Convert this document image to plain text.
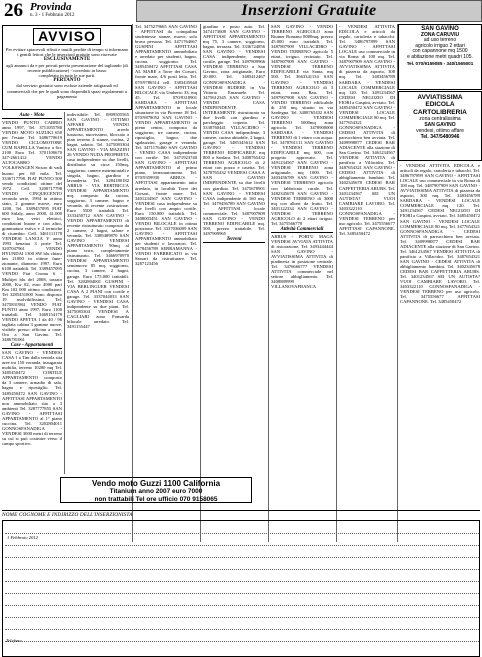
26 Provinda
n. 3 - 1 Febbraio 2012	Inserzioni Gratuite
AVVISO

Per evitare spiacevoli rifiuti e inutili perdite di tempo si informano i gentili lettori che le inserzioni gratuite sono riservate

ESCLUSIVAMENTE

agli annunci da e per privati previa presentazione del tagliando (di recente pubblicazione) - corredato in basso

completato in tutte le sue parti.

PERTANTO

dal servizio gratuito sono escluse aziende artigianali ed commerciali che per le quali sono disponibili spazi regolamenti a pagamento

Auto - Moto

VENDO PUNTO CABRIO anno 1997, Tel. 3711055780 VENDO MOTO SUZUKI 650 per l'estate Tel. 3486770619 VENDO CICLOMOTORE CUM RAPELLA Vantico a 6cc 2100 Euro Tel. 3701100670 347-2661412 VENDO ALTOCARRO VOLKSWAGEN Sicuro di vadi buono per 60 mila. Tel. 3336717798. FIAT PUNTO 500 vendo condizioni ottime del 1972. Cell. 3200717798 VENDO CINQUECENTO seconda serie, 1994 in ottimo stato, 2 gomme nuove, euro 1200, Tel. 3389457095 FIAT 600 Sitlaly, anno 2000, 41.000 euro km, vetri elettrici, condizioni buone e con altro, gommatura estiva e 4 termiche di ricambio. Cell. 3461111178 VENDESI LANCIA Y anno 1993 benzina 3 porte Tel. 3207047961 VENDO HYUNDAI 1300 SW blu chiara km 21000 in ottime fune-zionante, diametro 1997, Euro 6100 trattabili. Tel. 3389457095 VENDO Fiat Croma 6 - Multijet blu del 2008, tassato 2000, Kw 82, euro 4900 pari Km 102 000 ottimo condizioni. Tel 3285451000 Sono disposto 19 nsolvibilissimi. Tel. 3475831984 VENDO FIAT PUNTO anno 1997, Euro 1100 trattabili. Tel. 3469154179 VENDO APETTA 1 da 40 / 96 tagliata cabina 3 gomme nuove, visibile presso officina a cane. Ora a San Gavino. Tel. 3486781061

Case - Appartamenti

SAN GAVINO - VENDESI CASA 1 a Tim dalla ventola sita aree tra 150 veranda, inaugarata mobilia, terreno 10200 mq Tel. 3485450472 CORTILE APPARTAMENTO composto da 3 camere, armadio di sala, bagno e ripostiglio. Tel. 3485450472 SAN GAVINO - AFFITTASI APPARTAMENTO non ammobiliato sito a 3 ambienti Tel. 3287777855 SAN GAVINO - AFFITTASI APPARTAMENTO al 1° piano cuccina. Tel. 3202804011 GONNOSFANADIGA - VENDESI 3000 metri di terreno su cui si può costruire verso il campo sportivo.

indivisibile. Tel. 0809505565 SAN GAVINO - OTTIMO AFFARE VENDO APPARTAMENTO arredo lussuoso, nuovissimo, bloccato a pian terreno 4 stanze, cucina, 2 bagni, salotto. Tel. 3475083304 SAN GAVINO - VIA MAZZINI 26 VENDO NUDA PROPRIETA casa indipendente su due livelli, distribuita su circa 150mq, soggiorno, camere matrimoniali e singola, bagno, giardino e lavanderia. Tel. 3284180182 ARBUS - VIA BERTRICCA VENDESI APPARTAMENTO mq, composto da cucina, soggiorno, 3 camere, bagno e veranda, di recente costruzione. Euro 5500 trattabili. Tel. 3333450712 SAN GAVINO - VENDO APPARTAMENTO di recente ristrutturato composto da 2 camere, 2 bagni, salone e veranda. Tel. 3389489870 SAN GAVINO - VENDESI APPARTAMENTO 90mq al piano terra, completamente ristrutturato. Tel. 3466970970 VENDESI APPARTAMENTO seminuovo 85 mq, soggiorno, cucina, 3 camere, 2 bagni, garage. Euro 175.000 trattabili. Tel. 3202804001 GUSPINI - VIA BERLINGUER VENDESI CASA A 2 PIANI con cortile e garage. Tel. 3337044033 SAN GAVINO - VENDESI CASA indipendente su due piani. Tel. 3475083304 VENDESI A CAGLIARI zona Fonsarda bilocale arredato. Tel. 3491155447

Tel. 3475279665 SAN GAVINO - AFFITTASI da coinquilina studentesse stanze, nuove, solo brava persona. Tel. 3471764667 GUSPINI AFFITTASI APPARTAMENTO ammobiliato e arredato per studenti, bagno, cucina, soggiorno. Tel. 3485450472 AFFITTASI CASA AL MARE a Torre dei Corsari, fronte mare, 4/6 posti letto. Tel. 070/9786514 cell. 3383435940 SAN GAVINO - AFFITTASI BILOCALE via Umberto 33, mq 45. Tel. 070/9318901 SARDARA - AFFITTASI APPARTAMENTO in locale situazione in via Piovene 18 Tel. 070/9878052 SAN GAVINO - VENDO APPARTAMENTO in pieno centro, composto da soggiorno, tre camere, cucina, ripostiglio, bagno, due sgabuzzini, garage e veranda. Tel. 3471176460 SAN GAVINO - VENDO CASA indipendente con cortile. Tel. 3471923740 SAN GAVINO - AFFITTASI APPARTAMENTO al primo piano, termoautonomo. Tel. 070/9359930 ARBUS - AFFITTASI appartamento tutto arredato, in località Torre dei Corsari, fronte mare. Tel. 3401234567 SAN GAVINO - VENDESI casa indipendente su due livelli con ampio cortile. Euro 150.000 trattabili. Tel. 3408003451 SAN GAVINO - VENDO BILOCALE in ottima posizione. Tel. 3337036009 SAN GAVINO - AFFITTASI APPARTAMENTO ammobiliato per studenti o lavoratori. Tel. 3478456789 SERRAMANNA - VENDO FABBRICATO in via Sassari da ristrutturare. Tel. 3287123456

giardino e posto auto. Tel. 3474173608 SAN GAVINO - AFFITTASI APPARTAMENTO mq 75, 3 camere, soggiorno, bagno, terrazza. Tel. 3336724856 SAN GAVINO - VENDESI CASA indipendente, ampio cortile, garage. Tel. 3497809966 VENDESI TERRENO a San Gavino, zona artigianale, Euro 20.000. Tel. 3485412467 GONNOSFANADIGA - VENDESI RUDERE in Via Vittorio Emanuele. Tel. 3475612345 SAN GAVINO - VENDO CASA INDIPENDENTE INTERAMENTE ristrutturata su due livelli con giardino e parcheggio coperto. Tel. 3338760441 VILLACIDRO - VENDO CASA indipendente, 3 camere, cucina abitabile, 2 bagni, garage. Tel. 3485345612 SAN GAVINO - VENDESI TERRENO EDIFICABILE mq 800 a Sardara. Tel. 3408765432 TERRENO AGRICOLO di 2 ettari con pozzo e casetta. Tel. 3478765432 VENDESI CASA A SAN GAVINO INDIPENDENTE su due livelli con giardino. Tel. 3475678901 SAN GAVINO - VENDESI CASA indipendente di 160 mq. Tel. 3479456789 SAN GAVINO - AFFITTASI locale commerciale. Tel. 3487907809 SAN GAVINO - VENDO TERRENO EDIFICABILE mq. 500, prezzo trattabile. Tel. 3497909965

Terreni

SAN GAVINO - VENDO TERRENO AGRICOLO zona Riuiner Romano 8000mq, prezzo 45.000 euro trattabili. Tel. 3487807909 VILLACIDRO - VENDO TERRENO agricolo 5 ettari, irriguo, recintato. Tel. 3487807909 SAN GAVINO - VENDESI TERRENO EDIFICABILE via Santa, mq 500. Tel. 3663341134 SAN GAVINO - VENDESI TERRENO AGRICOLO di 3 ettari, zona Bau. Tel. 3497907908 SAN GAVINO - VENDO TERRENO edificabile di 250 mq, situato in via Sardegna. Tel. 3408765432 SAN GAVINO - VENDESI TERRENO 5000mq zona agricola. Tel. 3478900000 SARDARA - VENDESI TERRENO di 1 ettaro con acqua. Tel. 3478761111 SAN GAVINO - VENDESI TERRENO EDIFICABILE mq 600, con progetto approvato. Tel. 3491234567 SAN GAVINO - VENDESI TERRENO zona artigianale, mq 1000. Tel. 3403456789 SAN GAVINO - VENDESI TERRENO agricolo con fabbricato rurale. Tel. 3482345678 SAN GAVINO - VENDESI TERRENO di 3000 mq con alberi da frutto. Tel. 3401122334 SAN GAVINO - VENDESI TERRENO AGRICOLO di 2 ettari irriguo. Tel. 3475566778

Attività Commerciali

ARBUS - PORTU MAGA VENDESI AVVIATA ATTIVITA di ristorazione, Tel. 3493444444 SAN GAVINO - AVVIATISSIMA ATTIVITA di piadineria in posizione centrale. Tel. 3476666777 VENDESI ATTIVITA commerciale nel settore abbigliamento. Tel. 3408889999 VILLANOVAFRANCA

- VENDESI ATTIVITA EDICOLA e articoli da regalo, cartoleria e tabacchi. Tel. 3486797899 SAN GAVINO - AFFITTASI LOCALE uso commerciale in via Roma di 100 mq. Tel. 3487907909 SAN GAVINO - AVVIATISSIMA ATTIVITA di pizzeria da asporto, 300 mq. Tel. 3483456789 SARDARA - VENDESI LOCALE COMMERCIALE mq 120. Tel. 3491234567 CEDESI NEGOZIO DI FIORI a Guspini, avviato. Tel. 3485450472 SAN GAVINO - VENDESI LOCALE COMMERCIALE 80 mq. Tel. 3477654321 GONNOSFANADIGA - CEDESI ATTIVITA di parrucchiera ben avviata. Tel. 3409998877 CEDESI BAR ADIACENTE alla stazione di San Gavino. Tel. 3461234567 VENDESI ATTIVITA di panificio a Villacidro. Tel. 3487654321 SAN GAVINO - CEDESI ATTIVITA di abbigliamento bambini. Tel. 3402345678 CEDESI BAR CAFFETTERIA ARUBS. Tel. 3401234567 SEI UN AUTISTA? VUOI CAMBIARE LAVORO. Tel. 3403322110 GONNOSFANADIGA - VENDESI TERRENO per uso agricolo. Tel. 3475556677 AFFITTASI CAPANNONE. Tel. 3485450472

SAN GAVINO
ZONA CARUVIU
ad uso terreno
agricolo irriguo 2 ettari
con capannone mq 1500
e abitazione metri quadri 105.
Tel. 070/9159085 - 340/1565001
AVVIATISSIMA
EDICOLA
CARTOLIBRERIA
zona centralissima
SAN GAVINO
vendesi, ottimo affare
Tel. 347/5480946

- VENDESI ATTIVITA EDICOLA e articoli da regalo, cartoleria e tabacchi. Tel. 3486797899 SAN GAVINO - AFFITTASI LOCALE uso commerciale in via Roma di 100 mq. Tel. 3487907909 SAN GAVINO - AVVIATISSIMA ATTIVITA di pizzeria da asporto, 300 mq. Tel. 3483456789 SARDARA - VENDESI LOCALE COMMERCIALE mq 120. Tel. 3491234567 CEDESI NEGOZIO DI FIORI a Guspini, avviato. Tel. 3485450472 SAN GAVINO - VENDESI LOCALE COMMERCIALE 80 mq. Tel. 3477654321 GONNOSFANADIGA - CEDESI ATTIVITA di parrucchiera ben avviata. Tel. 3409998877 CEDESI BAR ADIACENTE alla stazione di San Gavino. Tel. 3461234567 VENDESI ATTIVITA di panificio a Villacidro. Tel. 3487654321 SAN GAVINO - CEDESI ATTIVITA di abbigliamento bambini. Tel. 3402345678 CEDESI BAR CAFFETTERIA ARUBS. Tel. 3401234567 SEI UN AUTISTA? VUOI CAMBIARE LAVORO. Tel. 3403322110 GONNOSFANADIGA - VENDESI TERRENO per uso agricolo. Tel. 3475556677 AFFITTASI CAPANNONE. Tel. 3485450472

Vendo moto Guzzi 1100 California
Titanium anno 2007 euro 7000
non trattabili Tel ore ufficio 070 9158065
NOME COGNOME E INDIRIZZO DELL'INSERZIONISTA
1 Febbraio 2012
Telefono
